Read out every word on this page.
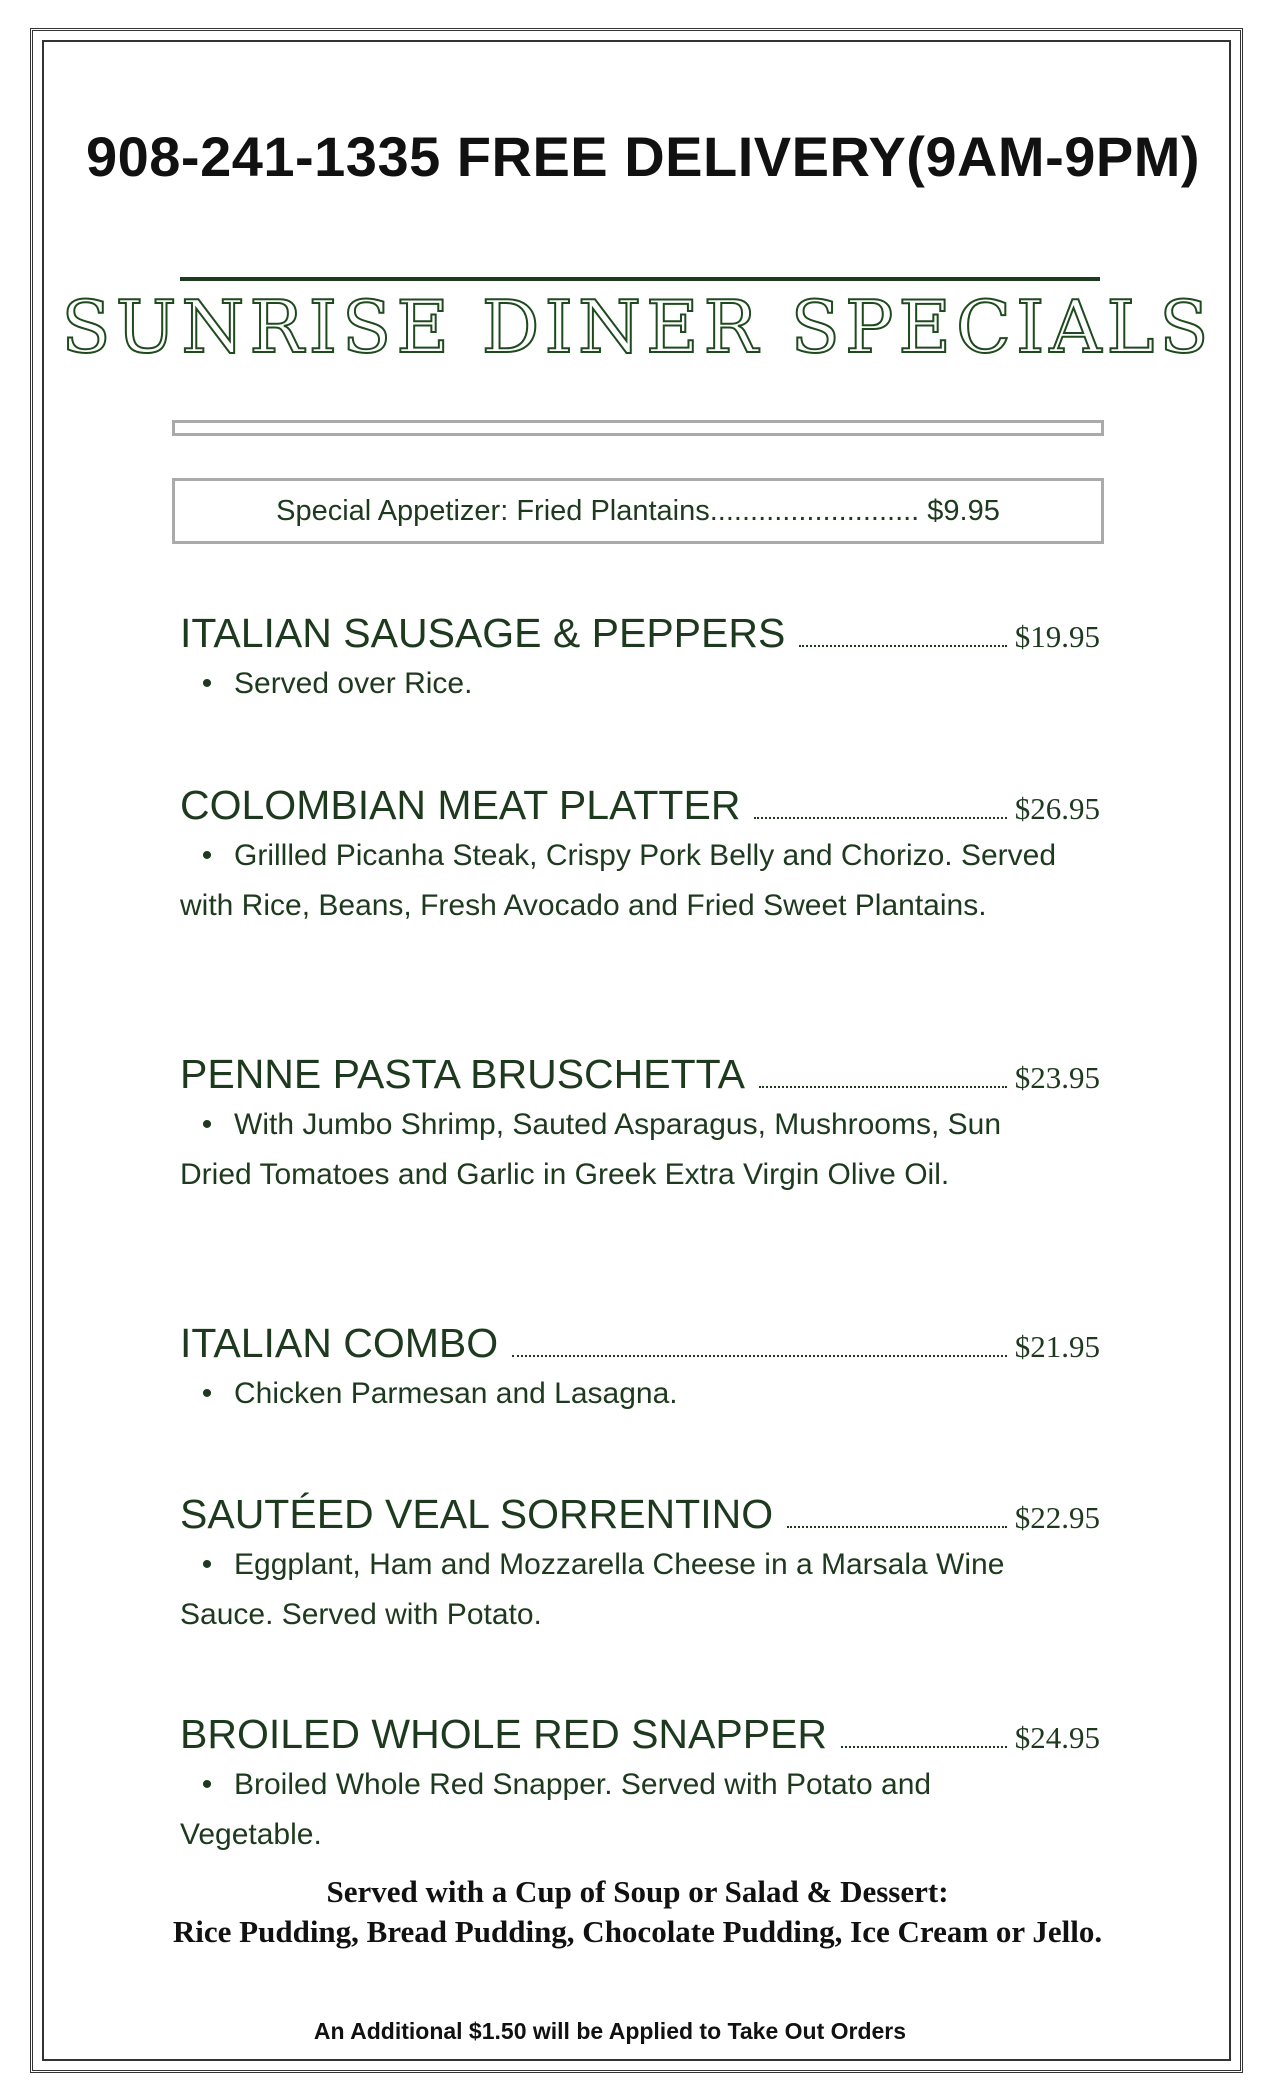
908-241-1335 FREE DELIVERY(9AM-9PM)
SUNRISE DINER SPECIALS
Special Appetizer: Fried Plantains.......................... $9.95
ITALIAN SAUSAGE & PEPPERS	$19.95
• Served over Rice.
COLOMBIAN MEAT PLATTER	$26.95
• Grillled Picanha Steak, Crispy Pork Belly and Chorizo. Served with Rice, Beans, Fresh Avocado and Fried Sweet Plantains.
PENNE PASTA BRUSCHETTA	$23.95
• With Jumbo Shrimp, Sauted Asparagus, Mushrooms, Sun Dried Tomatoes and Garlic in Greek Extra Virgin Olive Oil.
ITALIAN COMBO	$21.95
• Chicken Parmesan and Lasagna.
SAUTÉED VEAL SORRENTINO	$22.95
• Eggplant, Ham and Mozzarella Cheese in a Marsala Wine Sauce. Served with Potato.
BROILED WHOLE RED SNAPPER	$24.95
• Broiled Whole Red Snapper. Served with Potato and Vegetable.
Served with a Cup of Soup or Salad & Dessert:
Rice Pudding, Bread Pudding, Chocolate Pudding, Ice Cream or Jello.
An Additional $1.50 will be Applied to Take Out Orders
